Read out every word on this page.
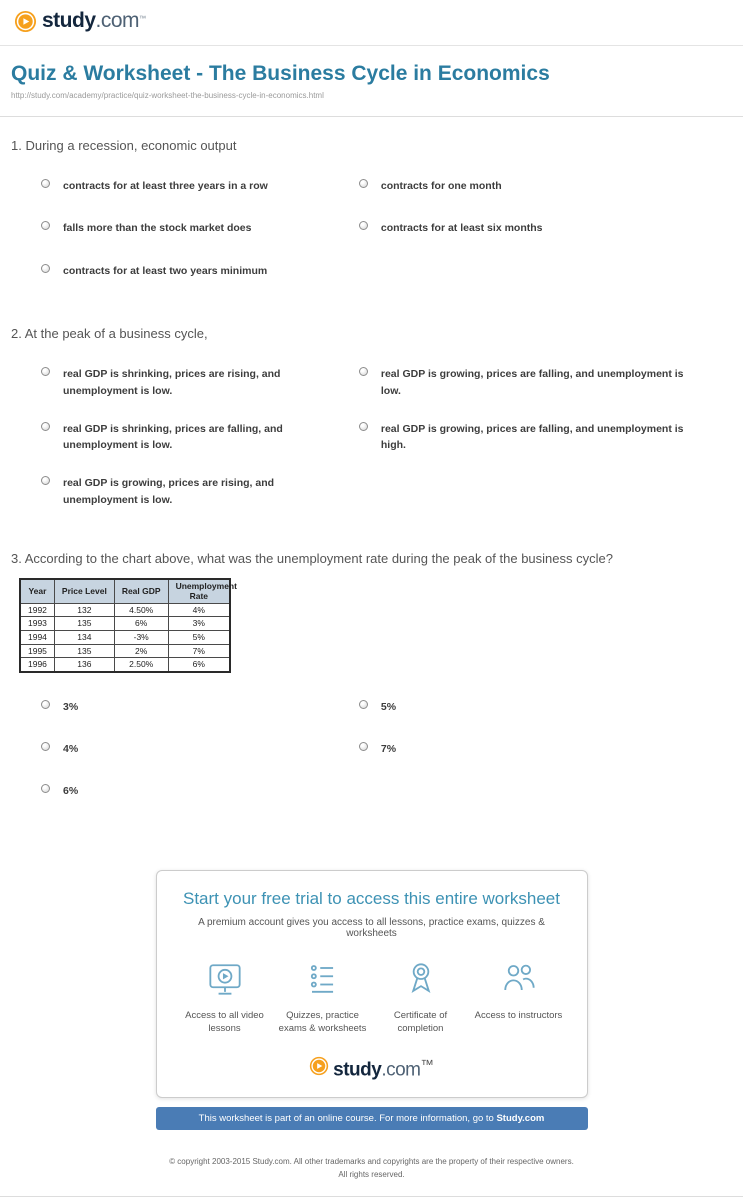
study.com™
Quiz & Worksheet - The Business Cycle in Economics
http://study.com/academy/practice/quiz-worksheet-the-business-cycle-in-economics.html
1. During a recession, economic output
contracts for at least three years in a row
falls more than the stock market does
contracts for at least two years minimum
contracts for one month
contracts for at least six months
2. At the peak of a business cycle,
real GDP is shrinking, prices are rising, and unemployment is low.
real GDP is shrinking, prices are falling, and unemployment is low.
real GDP is growing, prices are rising, and unemployment is low.
real GDP is growing, prices are falling, and unemployment is low.
real GDP is growing, prices are falling, and unemployment is high.
3. According to the chart above, what was the unemployment rate during the peak of the business cycle?
Year	Price Level	Real GDP	Unemployment Rate
1992	132	4.50%	4%
1993	135	6%	3%
1994	134	-3%	5%
1995	135	2%	7%
1996	136	2.50%	6%
3%
4%
6%
5%
7%
Start your free trial to access this entire worksheet
A premium account gives you access to all lessons, practice exams, quizzes & worksheets
Access to all video lessons
Quizzes, practice exams & worksheets
Certificate of completion
Access to instructors
study.com™
This worksheet is part of an online course. For more information, go to Study.com
© copyright 2003-2015 Study.com. All other trademarks and copyrights are the property of their respective owners.
All rights reserved.
